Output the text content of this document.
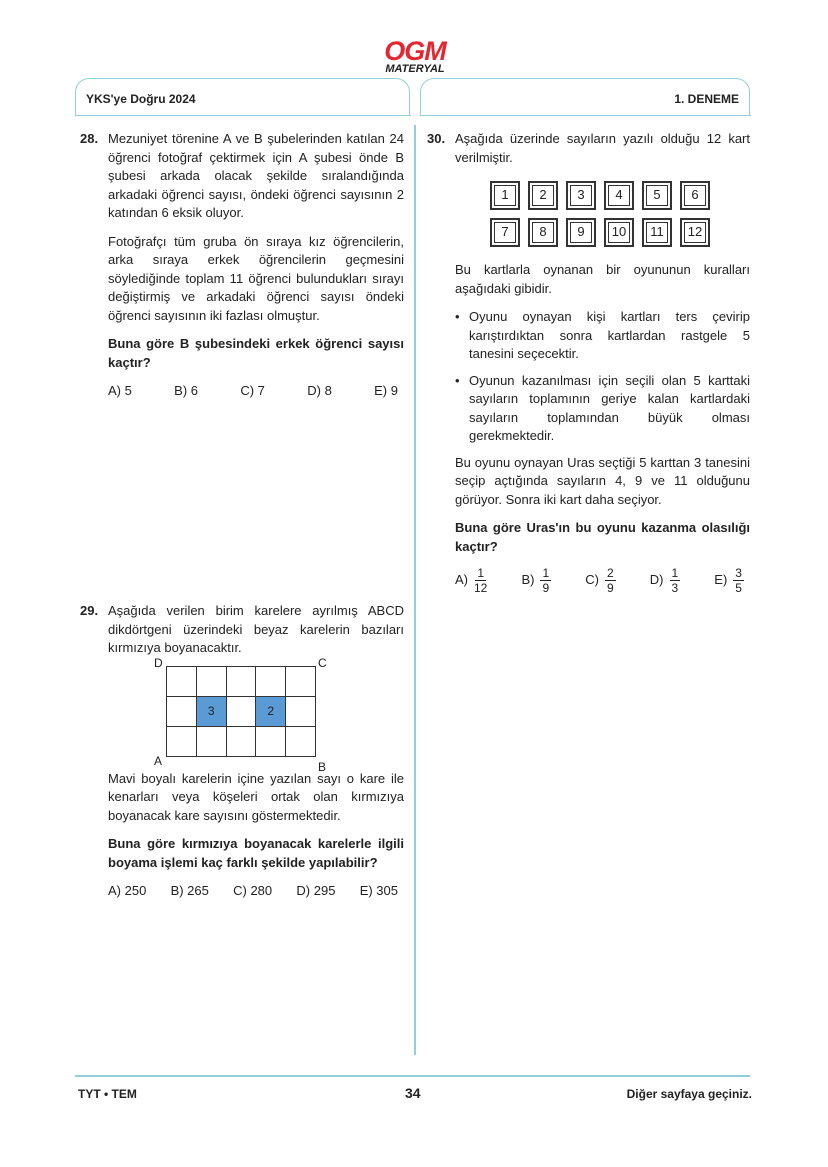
OGM
MATERYAL
YKS'ye Doğru 2024	1. DENEME
28. Mezuniyet törenine A ve B şubelerinden katılan 24 öğrenci fotoğraf çektirmek için A şubesi önde B şubesi arkada olacak şekilde sıralandığında arkadaki öğrenci sayısı, öndeki öğrenci sayısının 2 katından 6 eksik oluyor.

Fotoğrafçı tüm gruba ön sıraya kız öğrencilerin, arka sıraya erkek öğrencilerin geçmesini söylediğinde toplam 11 öğrenci bulundukları sırayı değiştirmiş ve arkadaki öğrenci sayısı öndeki öğrenci sayısının iki fazlası olmuştur.

Buna göre B şubesindeki erkek öğrenci sayısı kaçtır?

A) 5	B) 6	C) 7	D) 8	E) 9
29. Aşağıda verilen birim karelere ayrılmış ABCD dikdörtgeni üzerindeki beyaz karelerin bazıları kırmızıya boyanacaktır.

D	C
A	B

	3		2	

Mavi boyalı karelerin içine yazılan sayı o kare ile kenarları veya köşeleri ortak olan kırmızıya boyanacak kare sayısını göstermektedir.

Buna göre kırmızıya boyanacak karelerle ilgili boyama işlemi kaç farklı şekilde yapılabilir?

A) 250 B) 265 C) 280 D) 295 E) 305
30. Aşağıda üzerinde sayıların yazılı olduğu 12 kart verilmiştir.

1	2	3	4	5	6
7	8	9	10	11	12

Bu kartlarla oynanan bir oyununun kuralları aşağıdaki gibidir.

• Oyunu oynayan kişi kartları ters çevirip karıştırdıktan sonra kartlardan rastgele 5 tanesini seçecektir.
• Oyunun kazanılması için seçili olan 5 karttaki sayıların toplamının geriye kalan kartlardaki sayıların toplamından büyük olması gerekmektedir.

Bu oyunu oynayan Uras seçtiği 5 karttan 3 tanesini seçip açtığında sayıların 4, 9 ve 11 olduğunu görüyor. Sonra iki kart daha seçiyor.

Buna göre Uras'ın bu oyunu kazanma olasılığı kaçtır?

$A) \frac{1}{12}$	$B) \frac{1}{9}$	$C) \frac{2}{9}$	$D) \frac{1}{3}$	$E) \frac{3}{5}$
TYT • TEM	34	Diğer sayfaya geçiniz.
